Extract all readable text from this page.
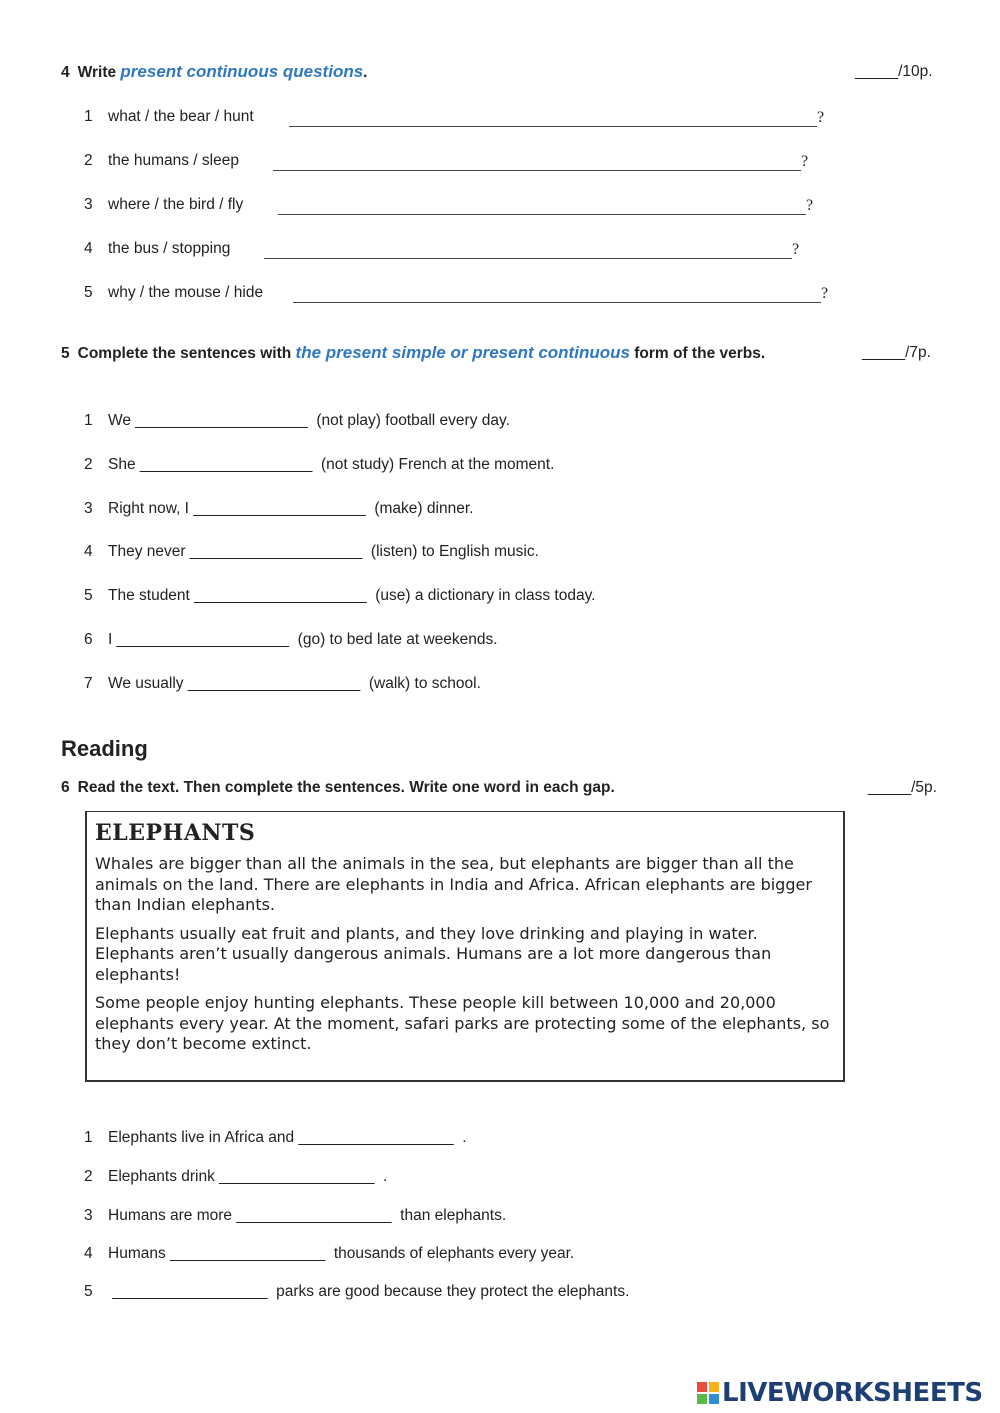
4 Write present continuous questions.	_____/10p.
1 what / the bear / hunt	?
2 the humans / sleep	?
3 where / the bird / fly	?
4 the bus / stopping	?
5 why / the mouse / hide	?
5 Complete the sentences with the present simple or present continuous form of the verbs.	_____/7p.
1 We ____________________ (not play) football every day.
2 She ____________________ (not study) French at the moment.
3 Right now, I ____________________ (make) dinner.
4 They never ____________________ (listen) to English music.
5 The student ____________________ (use) a dictionary in class today.
6 I ____________________ (go) to bed late at weekends.
7 We usually ____________________ (walk) to school.
Reading
6 Read the text. Then complete the sentences. Write one word in each gap.	_____/5p.
ELEPHANTS

Whales are bigger than all the animals in the sea, but elephants are bigger than all the animals on the land. There are elephants in India and Africa. African elephants are bigger than Indian elephants.

Elephants usually eat fruit and plants, and they love drinking and playing in water. Elephants aren’t usually dangerous animals. Humans are a lot more dangerous than elephants!

Some people enjoy hunting elephants. These people kill between 10,000 and 20,000 elephants every year. At the moment, safari parks are protecting some of the elephants, so they don’t become extinct.

1 Elephants live in Africa and __________________ .
2 Elephants drink __________________ .
3 Humans are more __________________ than elephants.
4 Humans __________________ thousands of elephants every year.
5 __________________ parks are good because they protect the elephants.
LIVEWORKSHEETS
